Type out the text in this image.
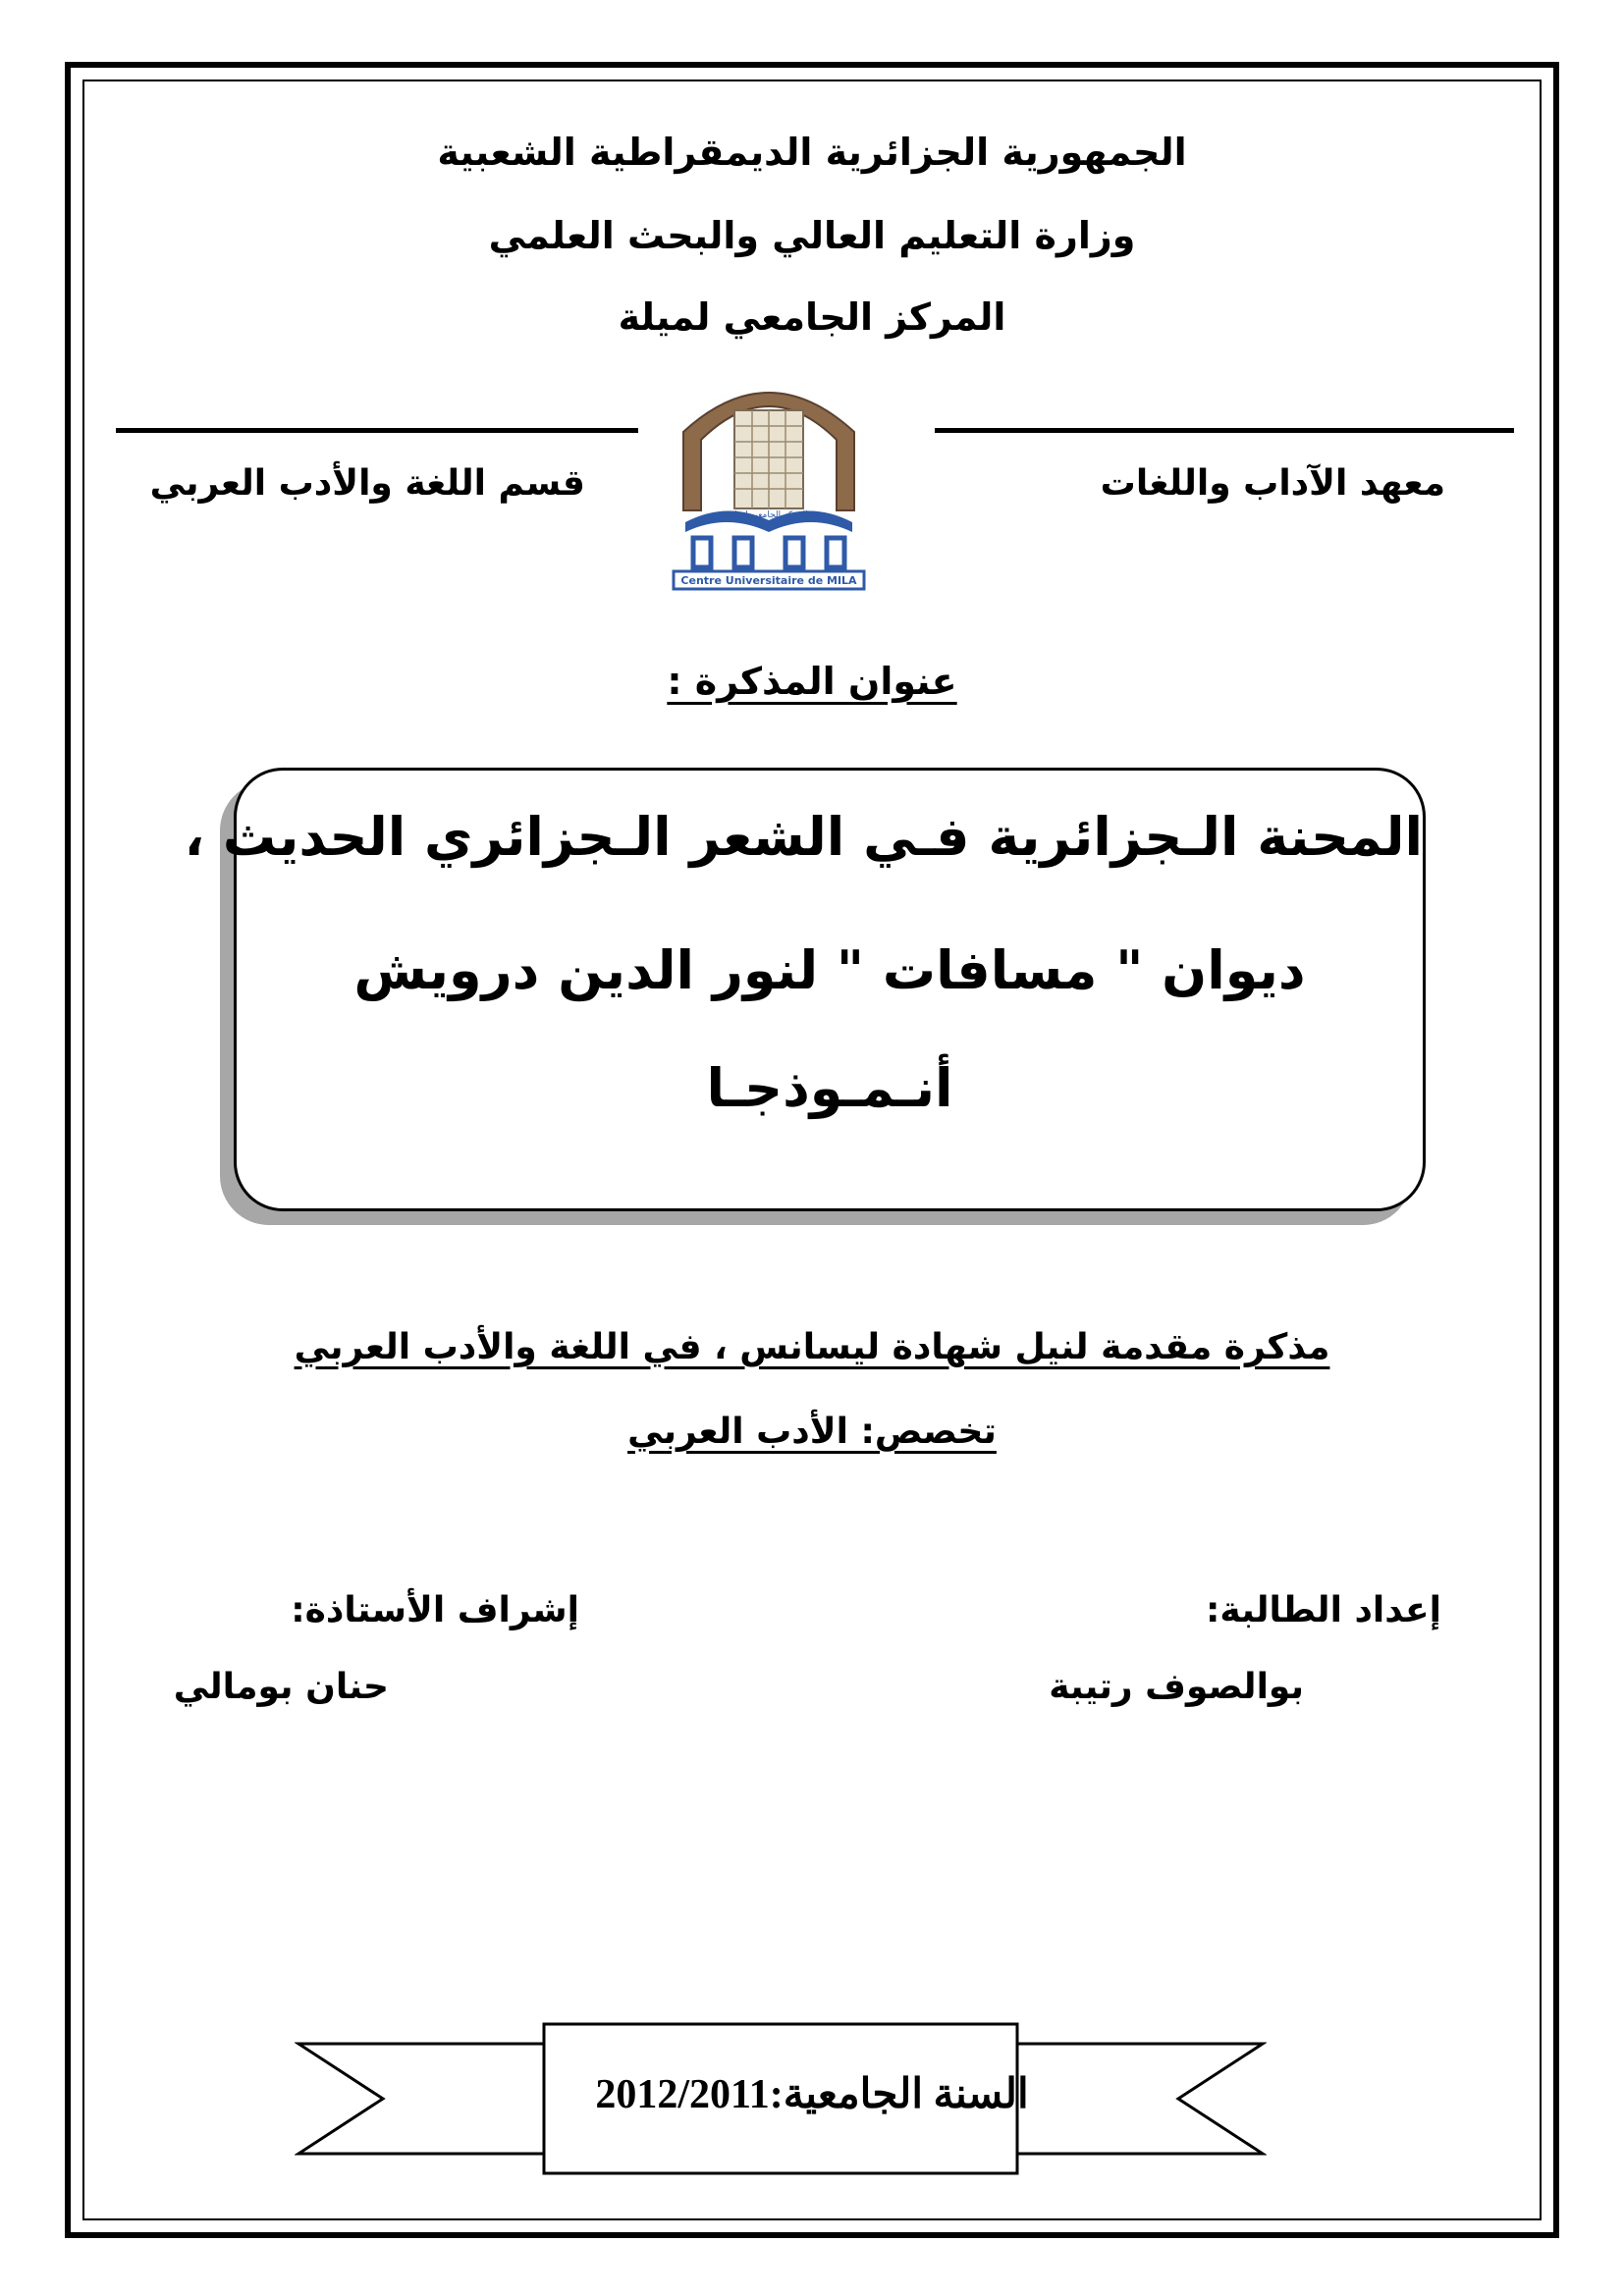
الجمهورية الجزائرية الديمقراطية الشعبية
وزارة التعليم العالي والبحث العلمي
المركز الجامعي لميلة
Centre Universitaire de MILA
المركز الجامعي لميلة
معهد الآداب واللغات
قسم اللغة والأدب العربي
عنوان المذكرة :
المحنة الـجزائرية فـي الشعر الـجزائري الحديث ،
ديوان " مسافات " لنور الدين درويش
أنـمـوذجـا
مذكرة مقدمة لنيل شهادة ليسانس ، في اللغة والأدب العربي
تخصص: الأدب العربي
إعداد الطالبة:
إشراف الأستاذة:
بوالصوف رتيبة
حنان بومالي
السنة الجامعية:2012/2011
